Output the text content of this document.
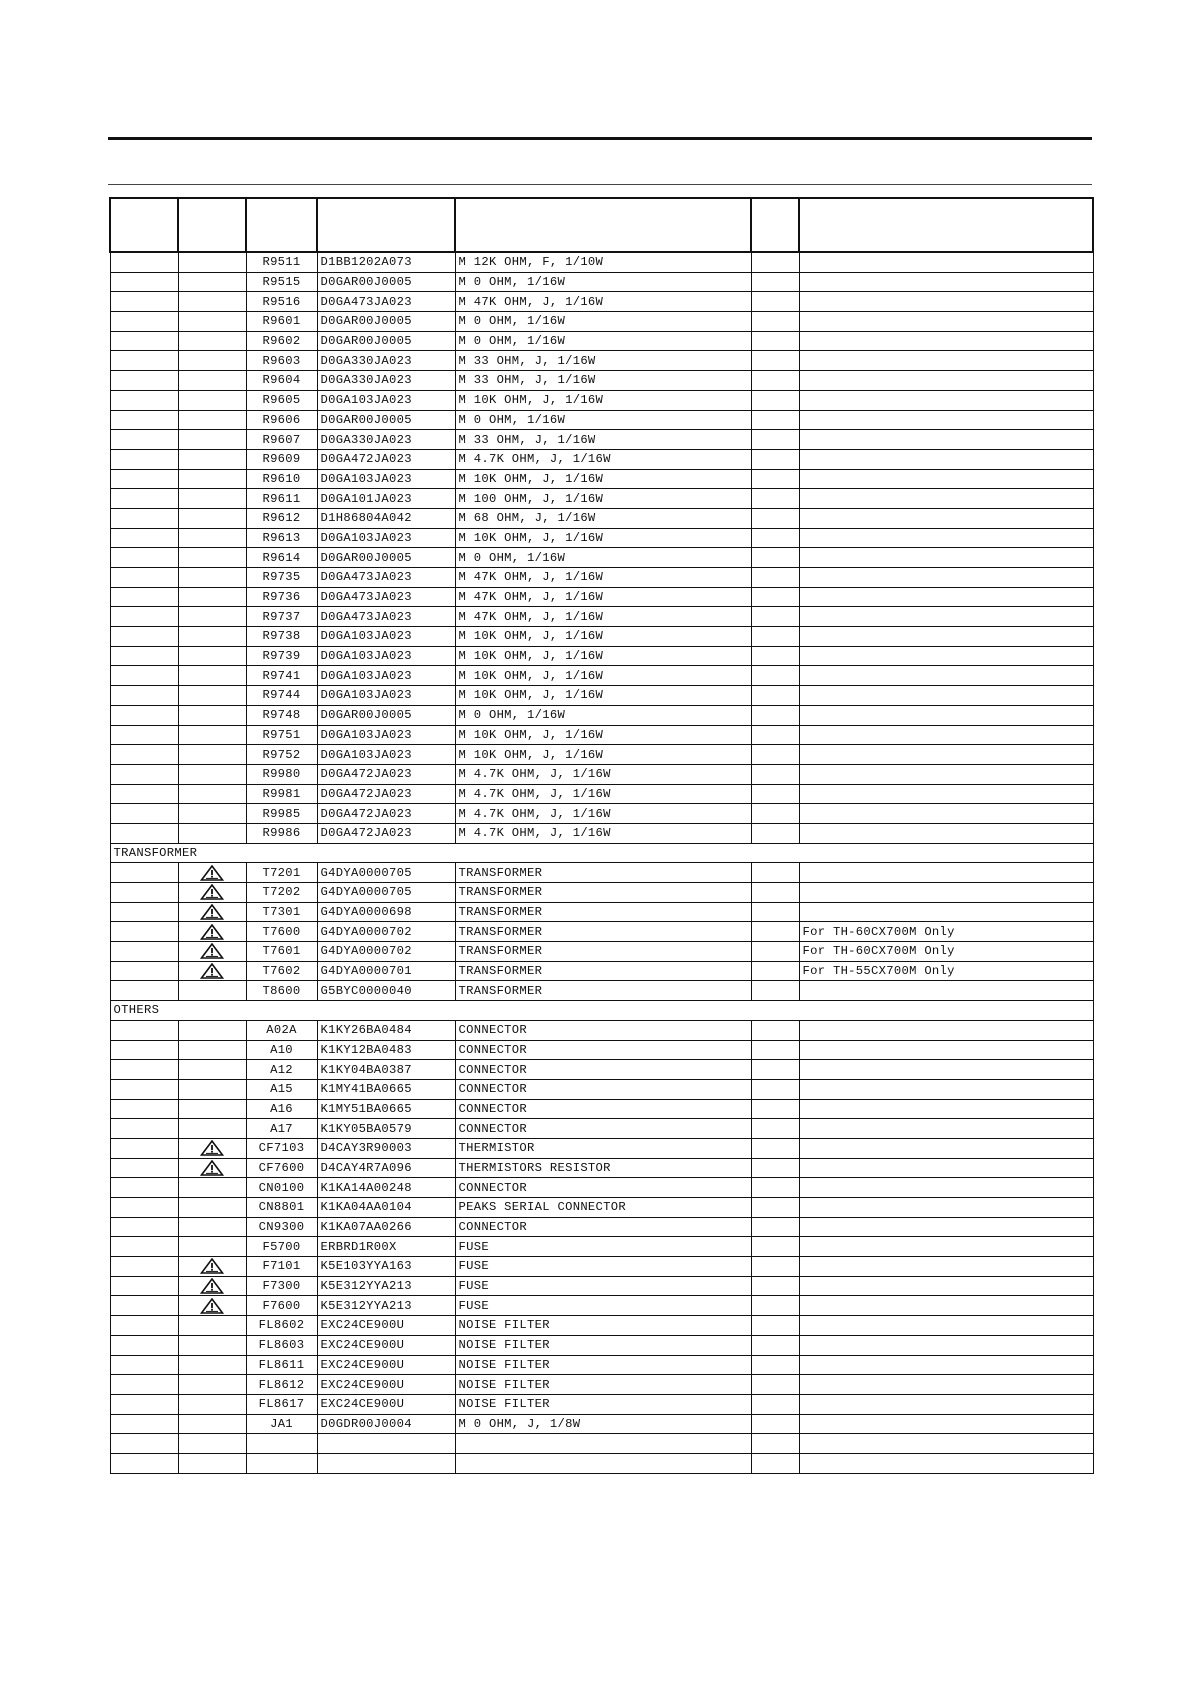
		R9511	D1BB1202A073	M 12K OHM, F, 1/10W		
		R9515	D0GAR00J0005	M 0 OHM, 1/16W		
		R9516	D0GA473JA023	M 47K OHM, J, 1/16W		
		R9601	D0GAR00J0005	M 0 OHM, 1/16W		
		R9602	D0GAR00J0005	M 0 OHM, 1/16W		
		R9603	D0GA330JA023	M 33 OHM, J, 1/16W		
		R9604	D0GA330JA023	M 33 OHM, J, 1/16W		
		R9605	D0GA103JA023	M 10K OHM, J, 1/16W		
		R9606	D0GAR00J0005	M 0 OHM, 1/16W		
		R9607	D0GA330JA023	M 33 OHM, J, 1/16W		
		R9609	D0GA472JA023	M 4.7K OHM, J, 1/16W		
		R9610	D0GA103JA023	M 10K OHM, J, 1/16W		
		R9611	D0GA101JA023	M 100 OHM, J, 1/16W		
		R9612	D1H86804A042	M 68 OHM, J, 1/16W		
		R9613	D0GA103JA023	M 10K OHM, J, 1/16W		
		R9614	D0GAR00J0005	M 0 OHM, 1/16W		
		R9735	D0GA473JA023	M 47K OHM, J, 1/16W		
		R9736	D0GA473JA023	M 47K OHM, J, 1/16W		
		R9737	D0GA473JA023	M 47K OHM, J, 1/16W		
		R9738	D0GA103JA023	M 10K OHM, J, 1/16W		
		R9739	D0GA103JA023	M 10K OHM, J, 1/16W		
		R9741	D0GA103JA023	M 10K OHM, J, 1/16W		
		R9744	D0GA103JA023	M 10K OHM, J, 1/16W		
		R9748	D0GAR00J0005	M 0 OHM, 1/16W		
		R9751	D0GA103JA023	M 10K OHM, J, 1/16W		
		R9752	D0GA103JA023	M 10K OHM, J, 1/16W		
		R9980	D0GA472JA023	M 4.7K OHM, J, 1/16W		
		R9981	D0GA472JA023	M 4.7K OHM, J, 1/16W		
		R9985	D0GA472JA023	M 4.7K OHM, J, 1/16W		
		R9986	D0GA472JA023	M 4.7K OHM, J, 1/16W		
TRANSFORMER						

	T7201	G4DYA0000705	TRANSFORMER		

	T7202	G4DYA0000705	TRANSFORMER		

	T7301	G4DYA0000698	TRANSFORMER		

	T7600	G4DYA0000702	TRANSFORMER		For TH-60CX700M Only

	T7601	G4DYA0000702	TRANSFORMER		For TH-60CX700M Only

	T7602	G4DYA0000701	TRANSFORMER		For TH-55CX700M Only
		T8600	G5BYC0000040	TRANSFORMER		
OTHERS						
		A02A	K1KY26BA0484	CONNECTOR		
		A10	K1KY12BA0483	CONNECTOR		
		A12	K1KY04BA0387	CONNECTOR		
		A15	K1MY41BA0665	CONNECTOR		
		A16	K1MY51BA0665	CONNECTOR		
		A17	K1KY05BA0579	CONNECTOR		

	CF7103	D4CAY3R90003	THERMISTOR		

	CF7600	D4CAY4R7A096	THERMISTORS RESISTOR		
		CN0100	K1KA14A00248	CONNECTOR		
		CN8801	K1KA04AA0104	PEAKS SERIAL CONNECTOR		
		CN9300	K1KA07AA0266	CONNECTOR		
		F5700	ERBRD1R00X	FUSE		

	F7101	K5E103YYA163	FUSE		

	F7300	K5E312YYA213	FUSE		

	F7600	K5E312YYA213	FUSE		
		FL8602	EXC24CE900U	NOISE FILTER		
		FL8603	EXC24CE900U	NOISE FILTER		
		FL8611	EXC24CE900U	NOISE FILTER		
		FL8612	EXC24CE900U	NOISE FILTER		
		FL8617	EXC24CE900U	NOISE FILTER		
		JA1	D0GDR00J0004	M 0 OHM, J, 1/8W		
